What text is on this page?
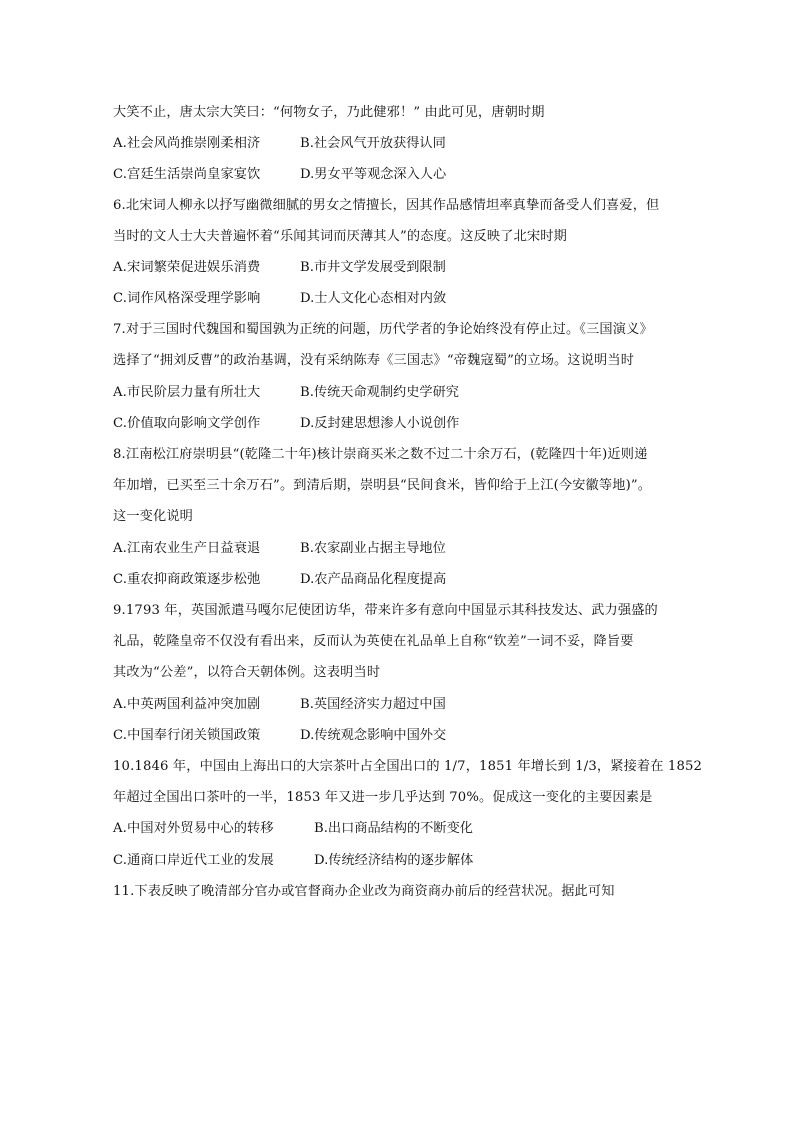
大笑不止，唐太宗大笑曰：“何物女子，乃此健邪！” 由此可见，唐朝时期
A.社会风尚推崇刚柔相济	B.社会风气开放获得认同
C.宫廷生活崇尚皇家宴饮	D.男女平等观念深入人心
6.北宋词人柳永以抒写幽微细腻的男女之情擅长，因其作品感情坦率真挚而备受人们喜爱，但
当时的文人士大夫普遍怀着“乐闻其词而厌薄其人”的态度。这反映了北宋时期
A.宋词繁荣促进娱乐消费	B.市井文学发展受到限制
C.词作风格深受理学影响	D.士人文化心态相对内敛
7.对于三国时代魏国和蜀国孰为正统的问题，历代学者的争论始终没有停止过。《三国演义》
选择了“拥刘反曹”的政治基调，没有采纳陈寿《三国志》“帝魏寇蜀”的立场。这说明当时
A.市民阶层力量有所壮大	B.传统天命观制约史学研究
C.价值取向影响文学创作	D.反封建思想渗人小说创作
8.江南松江府崇明县“(乾隆二十年)核计崇商买米之数不过二十余万石，(乾隆四十年)近则递
年加增，已买至三十余万石”。到清后期，崇明县“民间食米，皆仰给于上江(今安徽等地)”。
这一变化说明
A.江南农业生产日益衰退	B.农家副业占据主导地位
C.重农抑商政策逐步松弛	D.农产品商品化程度提高
9.1793 年，英国派遣马嘎尔尼使团访华，带来许多有意向中国显示其科技发达、武力强盛的
礼品，乾隆皇帝不仅没有看出来，反而认为英使在礼品单上自称“钦差”一词不妥，降旨要
其改为“公差”，以符合天朝体例。这表明当时
A.中英两国利益冲突加剧	B.英国经济实力超过中国
C.中国奉行闭关锁国政策	D.传统观念影响中国外交
10.1846 年，中国由上海出口的大宗茶叶占全国出口的 1/7，1851 年增长到 1/3，紧接着在 1852
年超过全国出口茶叶的一半，1853 年又进一步几乎达到 70%。促成这一变化的主要因素是
A.中国对外贸易中心的转移	B.出口商品结构的不断变化
C.通商口岸近代工业的发展	D.传统经济结构的逐步解体
11.下表反映了晚清部分官办或官督商办企业改为商资商办前后的经营状况。据此可知
